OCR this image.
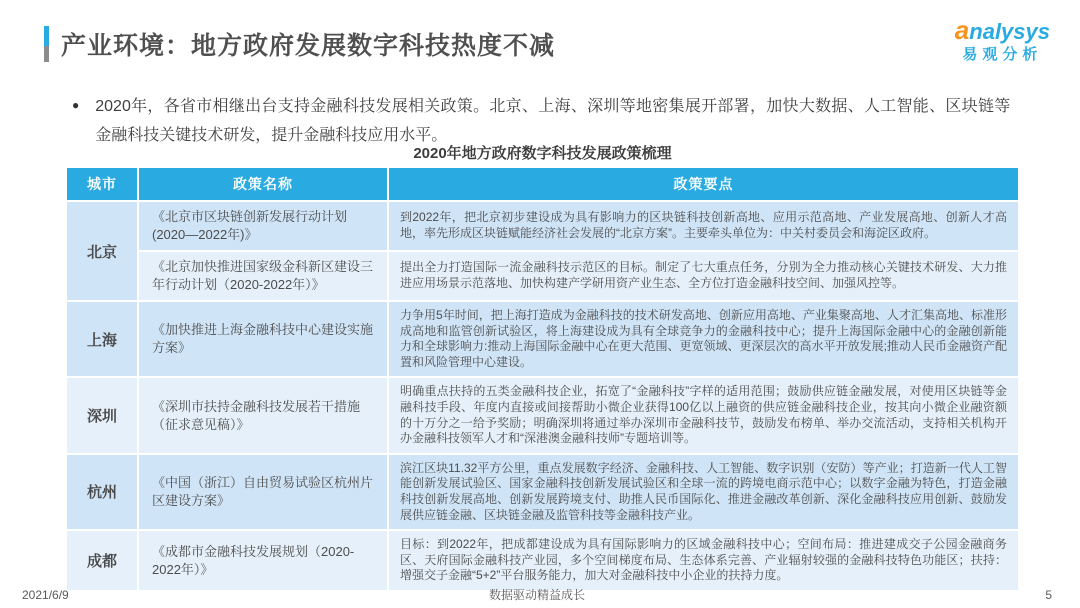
产业环境：地方政府发展数字科技热度不减
analysys
易观分析
● 2020年，各省市相继出台支持金融科技发展相关政策。北京、上海、深圳等地密集展开部署，加快大数据、人工智能、区块链等金融科技关键技术研发，提升金融科技应用水平。
2020年地方政府数字科技发展政策梳理
城市	政策名称	政策要点
北京	《北京市区块链创新发展行动计划(2020—2022年)》	到2022年，把北京初步建设成为具有影响力的区块链科技创新高地、应用示范高地、产业发展高地、创新人才高地，率先形成区块链赋能经济社会发展的“北京方案”。主要牵头单位为：中关村委员会和海淀区政府。
	《北京加快推进国家级金科新区建设三年行动计划（2020-2022年）》	提出全力打造国际一流金融科技示范区的目标。制定了七大重点任务，分别为全力推动核心关键技术研发、大力推进应用场景示范落地、加快构建产学研用资产业生态、全方位打造金融科技空间、加强风控等。
上海	《加快推进上海金融科技中心建设实施方案》	力争用5年时间，把上海打造成为金融科技的技术研发高地、创新应用高地、产业集聚高地、人才汇集高地、标准形成高地和监管创新试验区，将上海建设成为具有全球竞争力的金融科技中心；提升上海国际金融中心的金融创新能力和全球影响力:推动上海国际金融中心在更大范围、更宽领域、更深层次的高水平开放发展;推动人民币金融资产配置和风险管理中心建设。
深圳	《深圳市扶持金融科技发展若干措施（征求意见稿）》	明确重点扶持的五类金融科技企业，拓宽了“金融科技”字样的适用范围；鼓励供应链金融发展，对使用区块链等金融科技手段、年度内直接或间接帮助小微企业获得100亿以上融资的供应链金融科技企业，按其向小微企业融资额的十万分之一给予奖励；明确深圳将通过举办深圳市金融科技节，鼓励发布榜单、举办交流活动，支持相关机构开办金融科技领军人才和“深港澳金融科技师”专题培训等。
杭州	《中国（浙江）自由贸易试验区杭州片区建设方案》	滨江区块11.32平方公里，重点发展数字经济、金融科技、人工智能、数字识别（安防）等产业；打造新一代人工智能创新发展试验区、国家金融科技创新发展试验区和全球一流的跨境电商示范中心；以数字金融为特色，打造金融科技创新发展高地、创新发展跨境支付、助推人民币国际化、推进金融改革创新、深化金融科技应用创新、鼓励发展供应链金融、区块链金融及监管科技等金融科技产业。
成都	《成都市金融科技发展规划（2020-2022年）》	目标：到2022年，把成都建设成为具有国际影响力的区域金融科技中心；空间布局：推进建成交子公园金融商务区、天府国际金融科技产业园，多个空间梯度布局、生态体系完善、产业辐射较强的金融科技特色功能区；扶持：增强交子金融“5+2”平台服务能力，加大对金融科技中小企业的扶持力度。
2021/6/9	数据驱动精益成长	5
